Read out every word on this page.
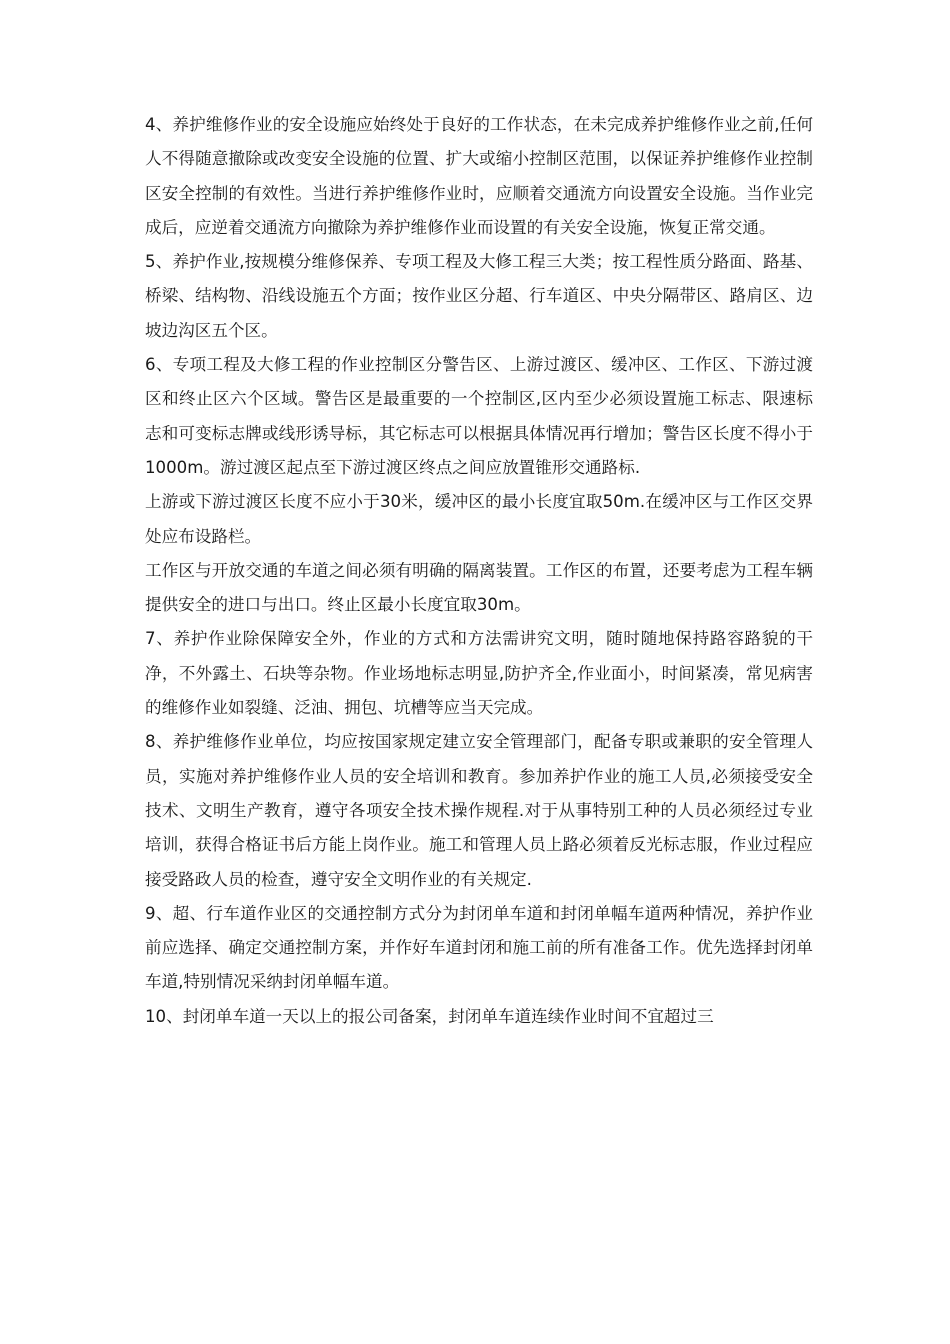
4、养护维修作业的安全设施应始终处于良好的工作状态，在未完成养护维修作业之前,任何人不得随意撤除或改变安全设施的位置、扩大或缩小控制区范围，以保证养护维修作业控制区安全控制的有效性。当进行养护维修作业时，应顺着交通流方向设置安全设施。当作业完成后，应逆着交通流方向撤除为养护维修作业而设置的有关安全设施，恢复正常交通。

5、养护作业,按规模分维修保养、专项工程及大修工程三大类；按工程性质分路面、路基、桥梁、结构物、沿线设施五个方面；按作业区分超、行车道区、中央分隔带区、路肩区、边坡边沟区五个区。

6、专项工程及大修工程的作业控制区分警告区、上游过渡区、缓冲区、工作区、下游过渡区和终止区六个区域。警告区是最重要的一个控制区,区内至少必须设置施工标志、限速标志和可变标志牌或线形诱导标，其它标志可以根据具体情况再行增加；警告区长度不得小于1000m。游过渡区起点至下游过渡区终点之间应放置锥形交通路标.

上游或下游过渡区长度不应小于30米，缓冲区的最小长度宜取50m.在缓冲区与工作区交界处应布设路栏。

工作区与开放交通的车道之间必须有明确的隔离装置。工作区的布置，还要考虑为工程车辆提供安全的进口与出口。终止区最小长度宜取30m。

7、养护作业除保障安全外，作业的方式和方法需讲究文明，随时随地保持路容路貌的干净，不外露土、石块等杂物。作业场地标志明显,防护齐全,作业面小，时间紧凑，常见病害的维修作业如裂缝、泛油、拥包、坑槽等应当天完成。

8、养护维修作业单位，均应按国家规定建立安全管理部门，配备专职或兼职的安全管理人员，实施对养护维修作业人员的安全培训和教育。参加养护作业的施工人员,必须接受安全技术、文明生产教育，遵守各项安全技术操作规程.对于从事特别工种的人员必须经过专业培训，获得合格证书后方能上岗作业。施工和管理人员上路必须着反光标志服，作业过程应接受路政人员的检查，遵守安全文明作业的有关规定.

9、超、行车道作业区的交通控制方式分为封闭单车道和封闭单幅车道两种情况，养护作业前应选择、确定交通控制方案，并作好车道封闭和施工前的所有准备工作。优先选择封闭单车道,特别情况采纳封闭单幅车道。

10、封闭单车道一天以上的报公司备案，封闭单车道连续作业时间不宜超过三
